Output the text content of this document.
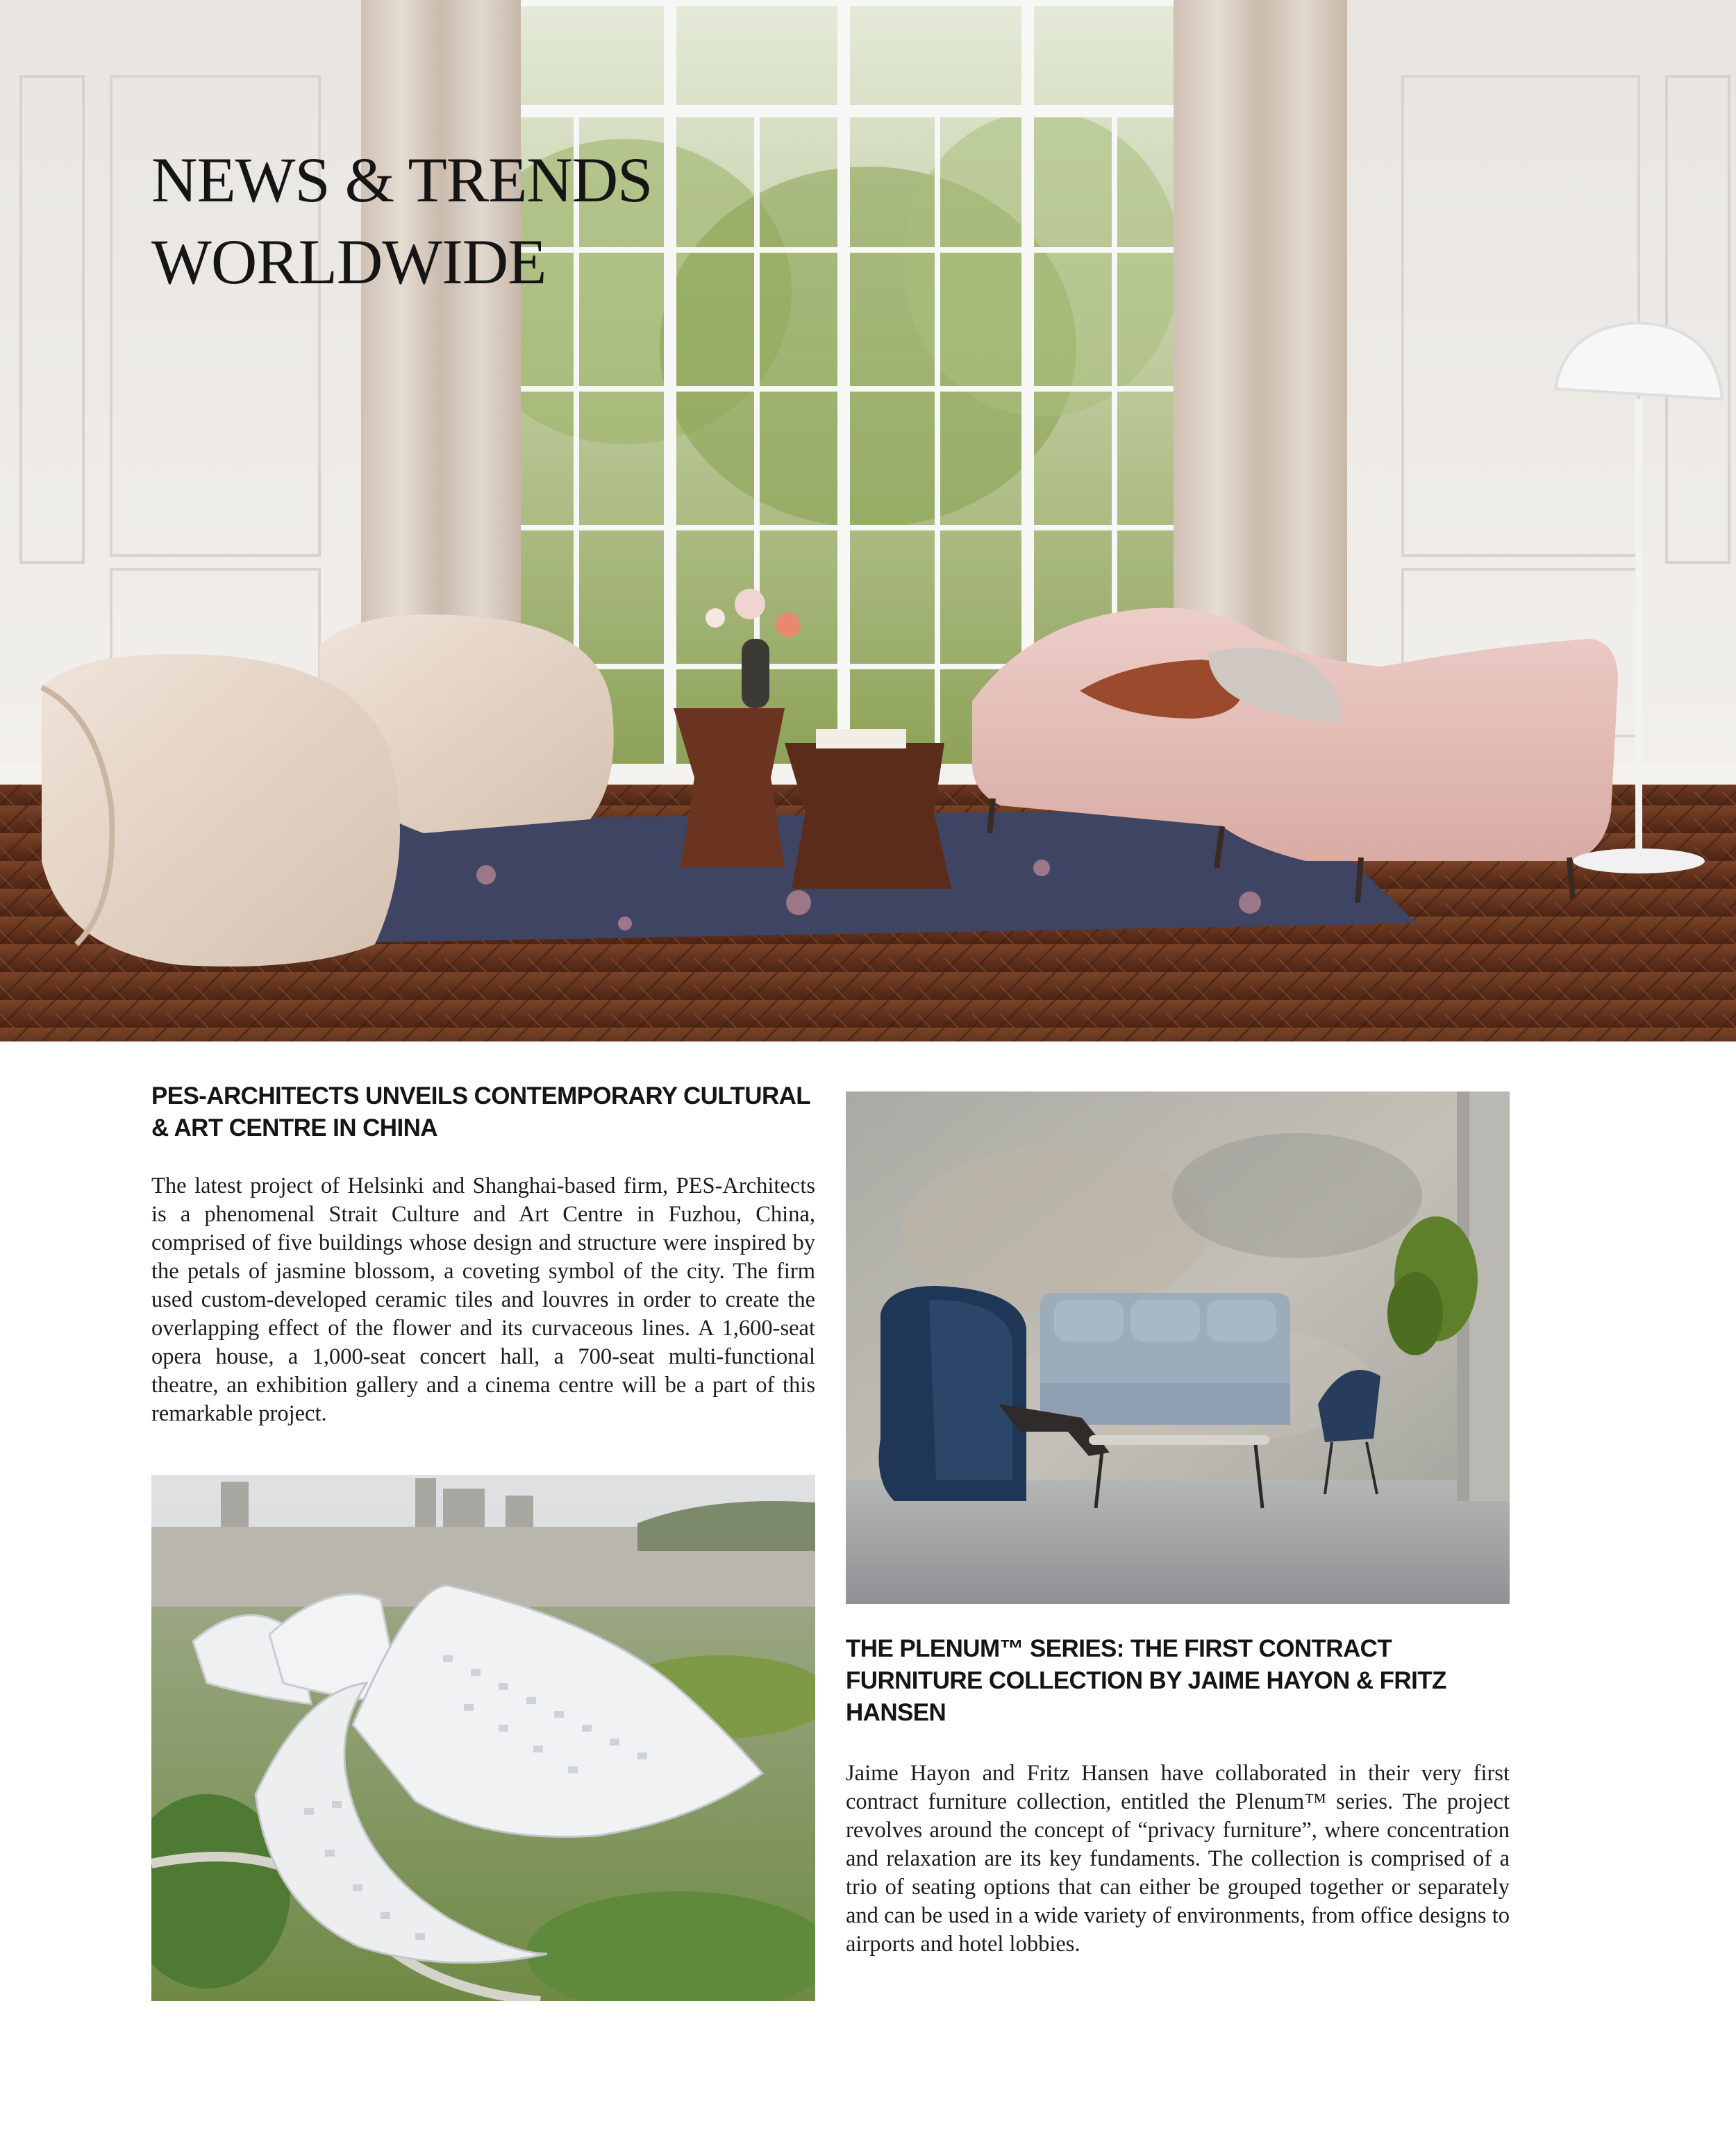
NEWS & TRENDS
WORLDWIDE
PES-ARCHITECTS UNVEILS CONTEMPORARY CULTURAL & ART CENTRE IN CHINA

The latest project of Helsinki and Shanghai-based firm, PES-Architects is a phenomenal Strait Culture and Art Centre in Fuzhou, China, comprised of five buildings whose design and structure were inspired by the petals of jasmine blossom, a coveting symbol of the city. The firm used custom-developed ceramic tiles and louvres in order to create the overlapping effect of the flower and its curvaceous lines. A 1,600-seat opera house, a 1,000-seat concert hall, a 700-seat multi-functional theatre, an exhibition gallery and a cinema centre will be a part of this remarkable project.

THE PLENUM™ SERIES: THE FIRST CONTRACT FURNITURE COLLECTION BY JAIME HAYON & FRITZ HANSEN

Jaime Hayon and Fritz Hansen have collaborated in their very first contract furniture collection, entitled the Plenum™ series. The project revolves around the concept of “privacy furniture”, where concentration and relaxation are its key fundaments. The collection is comprised of a trio of seating options that can either be grouped together or separately and can be used in a wide variety of environments, from office designs to airports and hotel lobbies.
